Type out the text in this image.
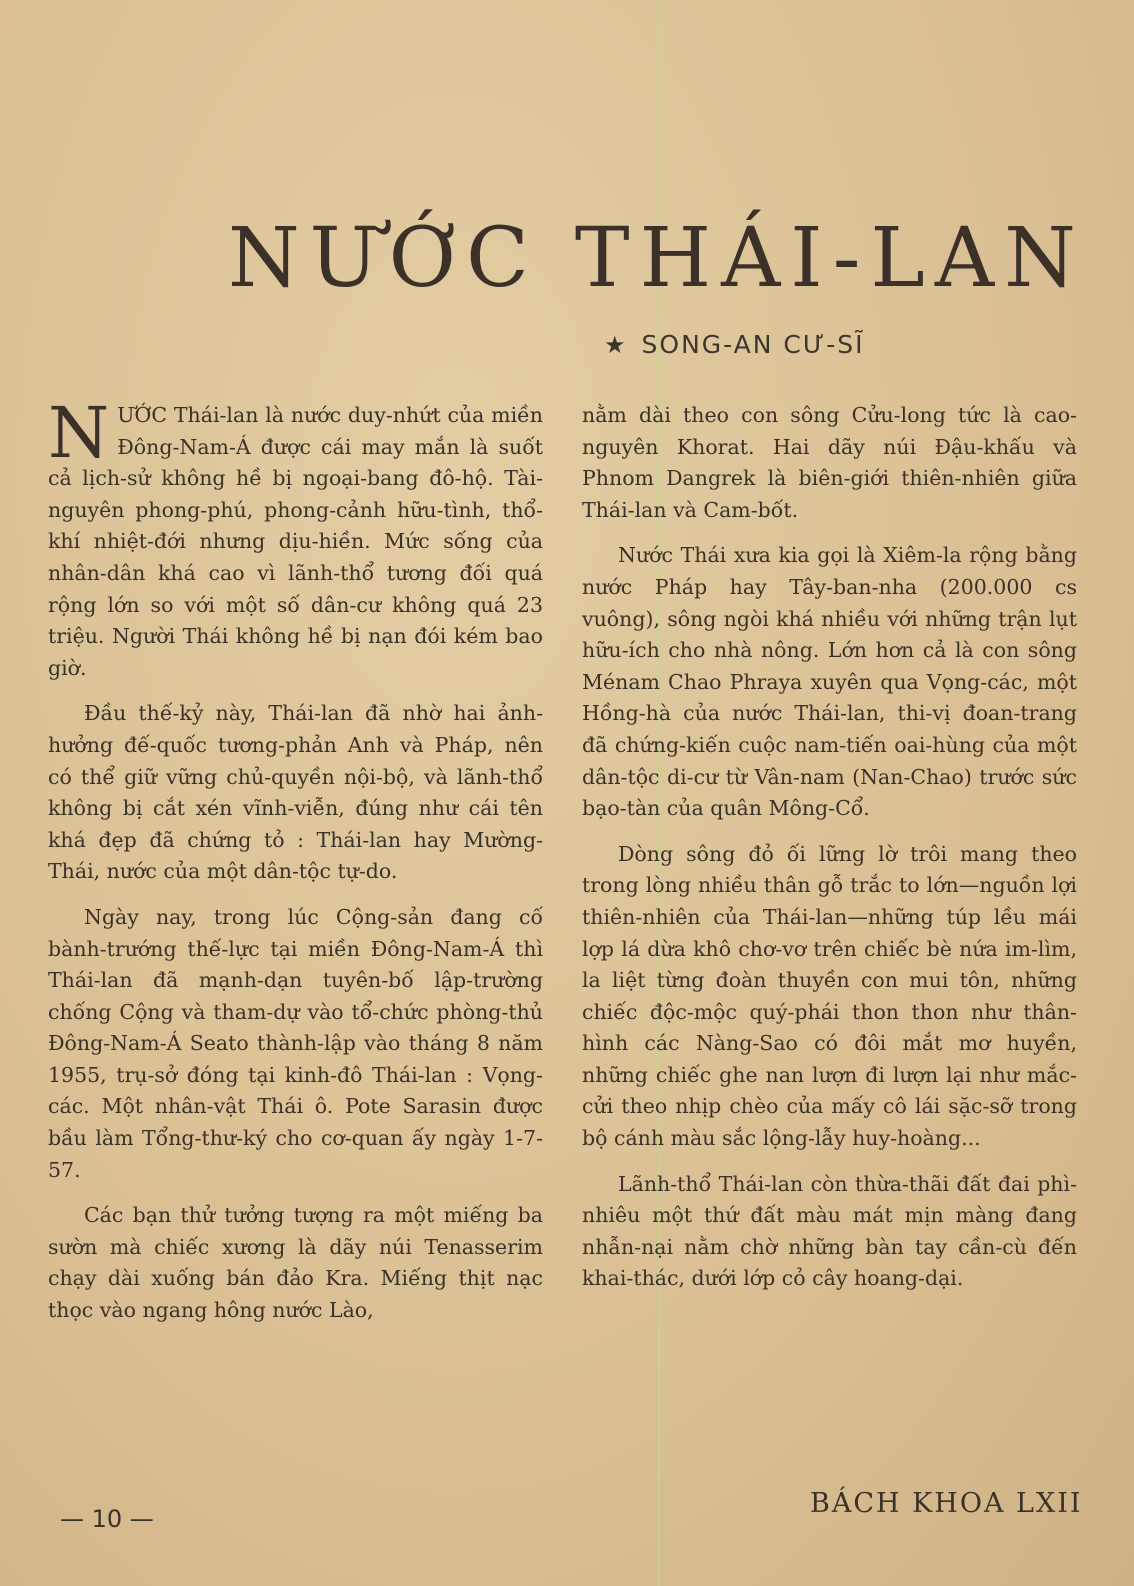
NƯỚC THÁI-LAN
★ SONG-AN CƯ-SĨ

NƯỚC Thái-lan là nước duy-nhứt của miền Đông-Nam-Á được cái may mắn là suốt cả lịch-sử không hề bị ngoại-bang đô-hộ. Tài-nguyên phong-phú, phong-cảnh hữu-tình, thổ-khí nhiệt-đới nhưng dịu-hiền. Mức sống của nhân-dân khá cao vì lãnh-thổ tương đối quá rộng lớn so với một số dân-cư không quá 23 triệu. Người Thái không hề bị nạn đói kém bao giờ.

Đầu thế-kỷ này, Thái-lan đã nhờ hai ảnh-hưởng đế-quốc tương-phản Anh và Pháp, nên có thể giữ vững chủ-quyền nội-bộ, và lãnh-thổ không bị cắt xén vĩnh-viễn, đúng như cái tên khá đẹp đã chứng tỏ : Thái-lan hay Mường-Thái, nước của một dân-tộc tự-do.

Ngày nay, trong lúc Cộng-sản đang cố bành-trướng thế-lực tại miền Đông-Nam-Á thì Thái-lan đã mạnh-dạn tuyên-bố lập-trường chống Cộng và tham-dự vào tổ-chức phòng-thủ Đông-Nam-Á Seato thành-lập vào tháng 8 năm 1955, trụ-sở đóng tại kinh-đô Thái-lan : Vọng-các. Một nhân-vật Thái ô. Pote Sarasin được bầu làm Tổng-thư-ký cho cơ-quan ấy ngày 1-7-57.

Các bạn thử tưởng tượng ra một miếng ba sườn mà chiếc xương là dãy núi Tenasserim chạy dài xuống bán đảo Kra. Miếng thịt nạc thọc vào ngang hông nước Lào,

nằm dài theo con sông Cửu-long tức là cao-nguyên Khorat. Hai dãy núi Đậu-khấu và Phnom Dangrek là biên-giới thiên-nhiên giữa Thái-lan và Cam-bốt.

Nước Thái xưa kia gọi là Xiêm-la rộng bằng nước Pháp hay Tây-ban-nha (200.000 cs vuông), sông ngòi khá nhiều với những trận lụt hữu-ích cho nhà nông. Lớn hơn cả là con sông Ménam Chao Phraya xuyên qua Vọng-các, một Hồng-hà của nước Thái-lan, thi-vị đoan-trang đã chứng-kiến cuộc nam-tiến oai-hùng của một dân-tộc di-cư từ Vân-nam (Nan-Chao) trước sức bạo-tàn của quân Mông-Cổ.

Dòng sông đỏ ối lững lờ trôi mang theo trong lòng nhiều thân gỗ trắc to lớn—nguồn lợi thiên-nhiên của Thái-lan—những túp lều mái lợp lá dừa khô chơ-vơ trên chiếc bè nứa im-lìm, la liệt từng đoàn thuyền con mui tôn, những chiếc độc-mộc quý-phái thon thon như thân-hình các Nàng-Sao có đôi mắt mơ huyền, những chiếc ghe nan lượn đi lượn lại như mắc-cửi theo nhịp chèo của mấy cô lái sặc-sỡ trong bộ cánh màu sắc lộng-lẫy huy-hoàng...

Lãnh-thổ Thái-lan còn thừa-thãi đất đai phì-nhiêu một thứ đất màu mát mịn màng đang nhẫn-nại nằm chờ những bàn tay cần-cù đến khai-thác, dưới lớp cỏ cây hoang-dại.

— 10 —	BÁCH KHOA LXII
